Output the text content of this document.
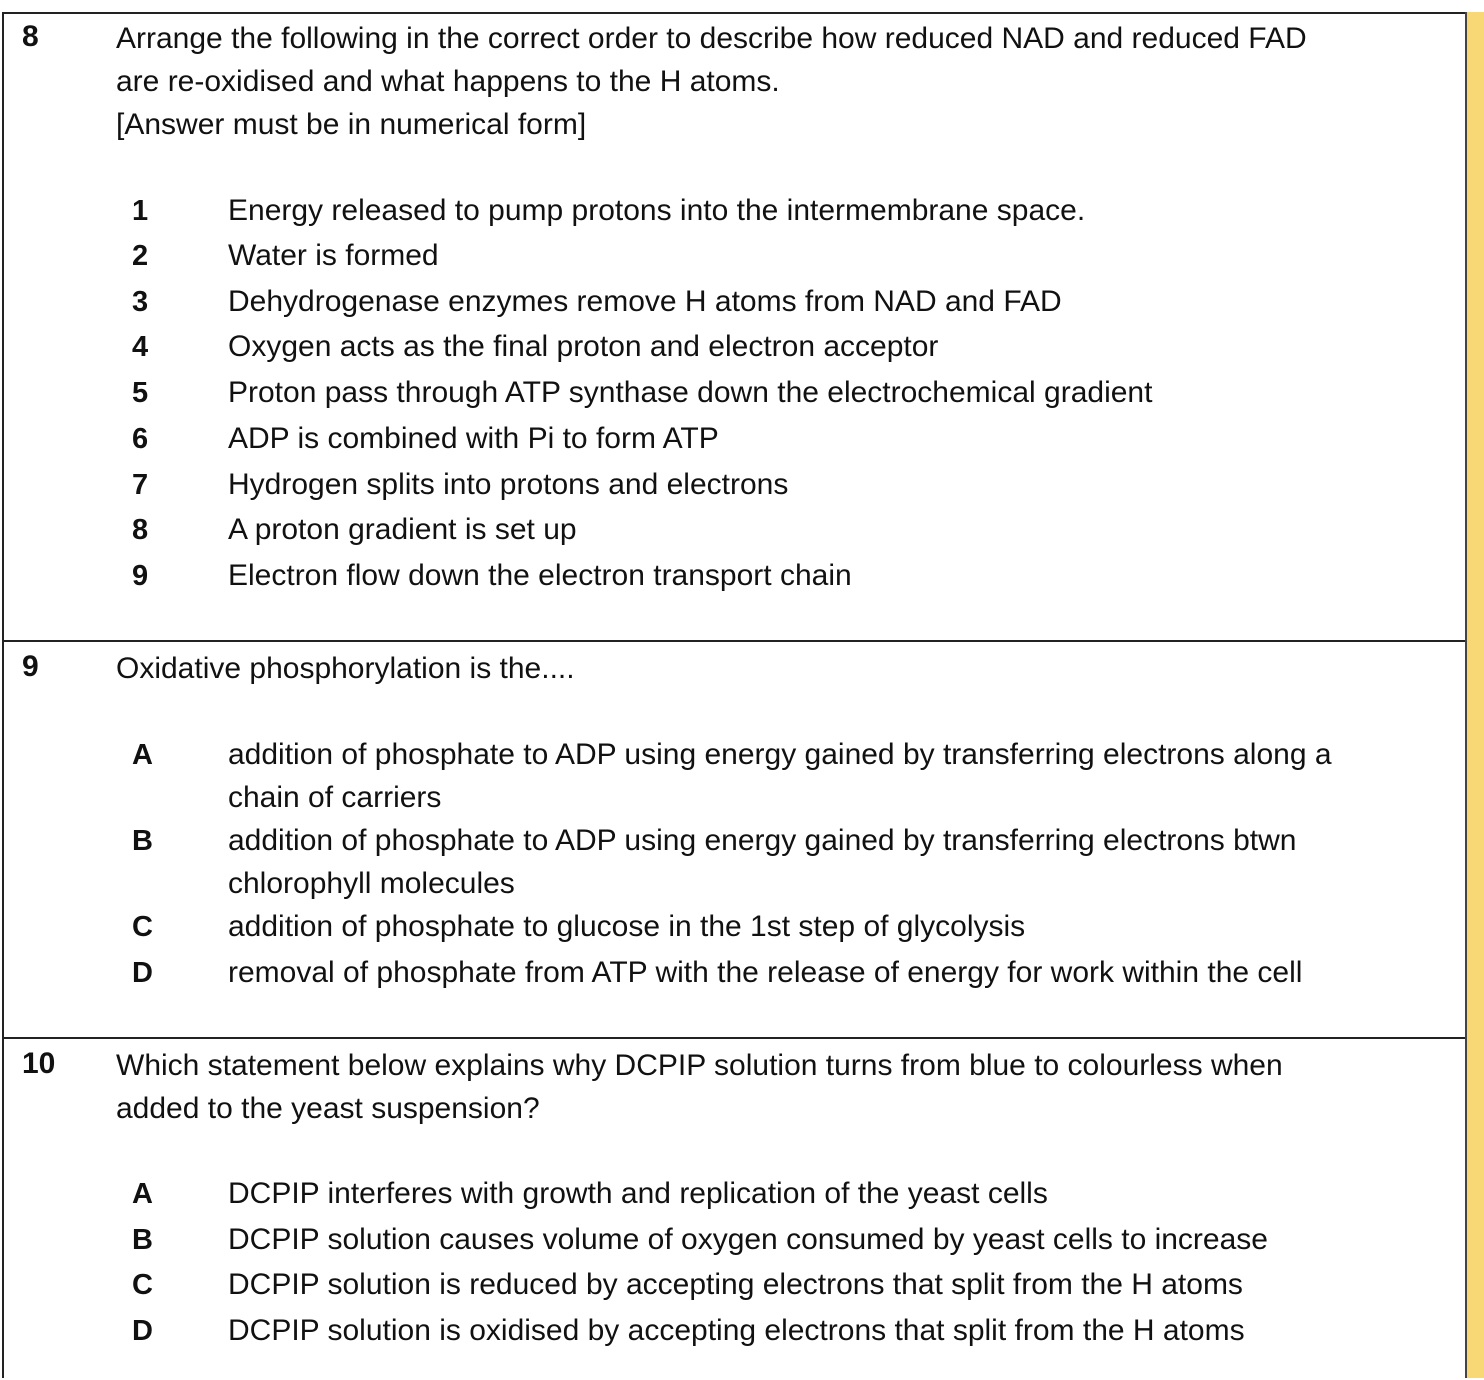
8	Arrange the following in the correct order to describe how reduced NAD and reduced FAD
are re-oxidised and what happens to the H atoms.
[Answer must be in numerical form]
1	Energy released to pump protons into the intermembrane space.
2	Water is formed
3	Dehydrogenase enzymes remove H atoms from NAD and FAD
4	Oxygen acts as the final proton and electron acceptor
5	Proton pass through ATP synthase down the electrochemical gradient
6	ADP is combined with Pi to form ATP
7	Hydrogen splits into protons and electrons
8	A proton gradient is set up
9	Electron flow down the electron transport chain
9	Oxidative phosphorylation is the....
A	addition of phosphate to ADP using energy gained by transferring electrons along a
chain of carriers
B	addition of phosphate to ADP using energy gained by transferring electrons btwn
chlorophyll molecules
C	addition of phosphate to glucose in the 1st step of glycolysis
D	removal of phosphate from ATP with the release of energy for work within the cell
10 Which statement below explains why DCPIP solution turns from blue to colourless when
added to the yeast suspension?
A	DCPIP interferes with growth and replication of the yeast cells
B	DCPIP solution causes volume of oxygen consumed by yeast cells to increase
C	DCPIP solution is reduced by accepting electrons that split from the H atoms
D	DCPIP solution is oxidised by accepting electrons that split from the H atoms
